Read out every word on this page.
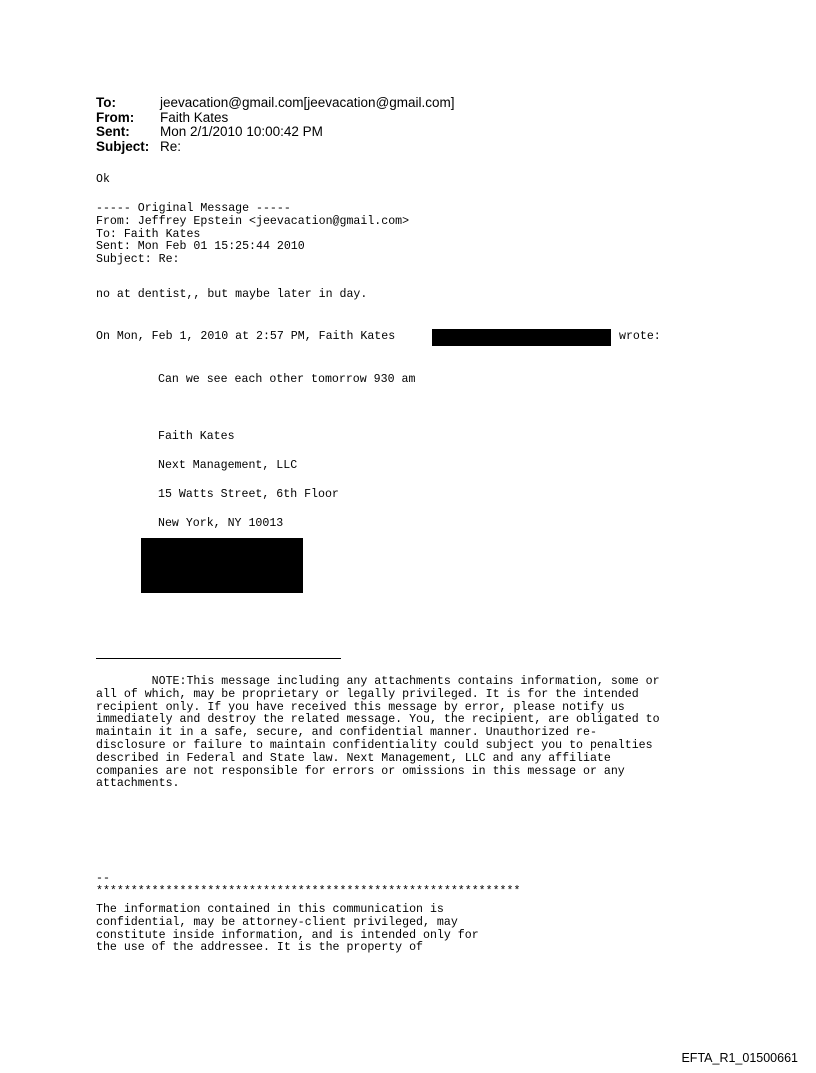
To:	jeevacation@gmail.com[jeevacation@gmail.com]
From:	Faith Kates
Sent:	Mon 2/1/2010 10:00:42 PM
Subject: Re:
Ok
----- Original Message -----
From: Jeffrey Epstein <jeevacation@gmail.com>
To: Faith Kates
Sent: Mon Feb 01 15:25:44 2010
Subject: Re:
no at dentist,, but maybe later in day.
On Mon, Feb 1, 2010 at 2:57 PM, Faith Kates	wrote:
Can we see each other tomorrow 930 am
Faith Kates
Next Management, LLC
15 Watts Street, 6th Floor
New York, NY 10013
NOTE:This message including any attachments contains information, some or
all of which, may be proprietary or legally privileged. It is for the intended
recipient only. If you have received this message by error, please notify us
immediately and destroy the related message. You, the recipient, are obligated to
maintain it in a safe, secure, and confidential manner. Unauthorized re-
disclosure or failure to maintain confidentiality could subject you to penalties
described in Federal and State law. Next Management, LLC and any affiliate
companies are not responsible for errors or omissions in this message or any
attachments.
--
*************************************************************
The information contained in this communication is
confidential, may be attorney-client privileged, may
constitute inside information, and is intended only for
the use of the addressee. It is the property of
EFTA_R1_01500661
